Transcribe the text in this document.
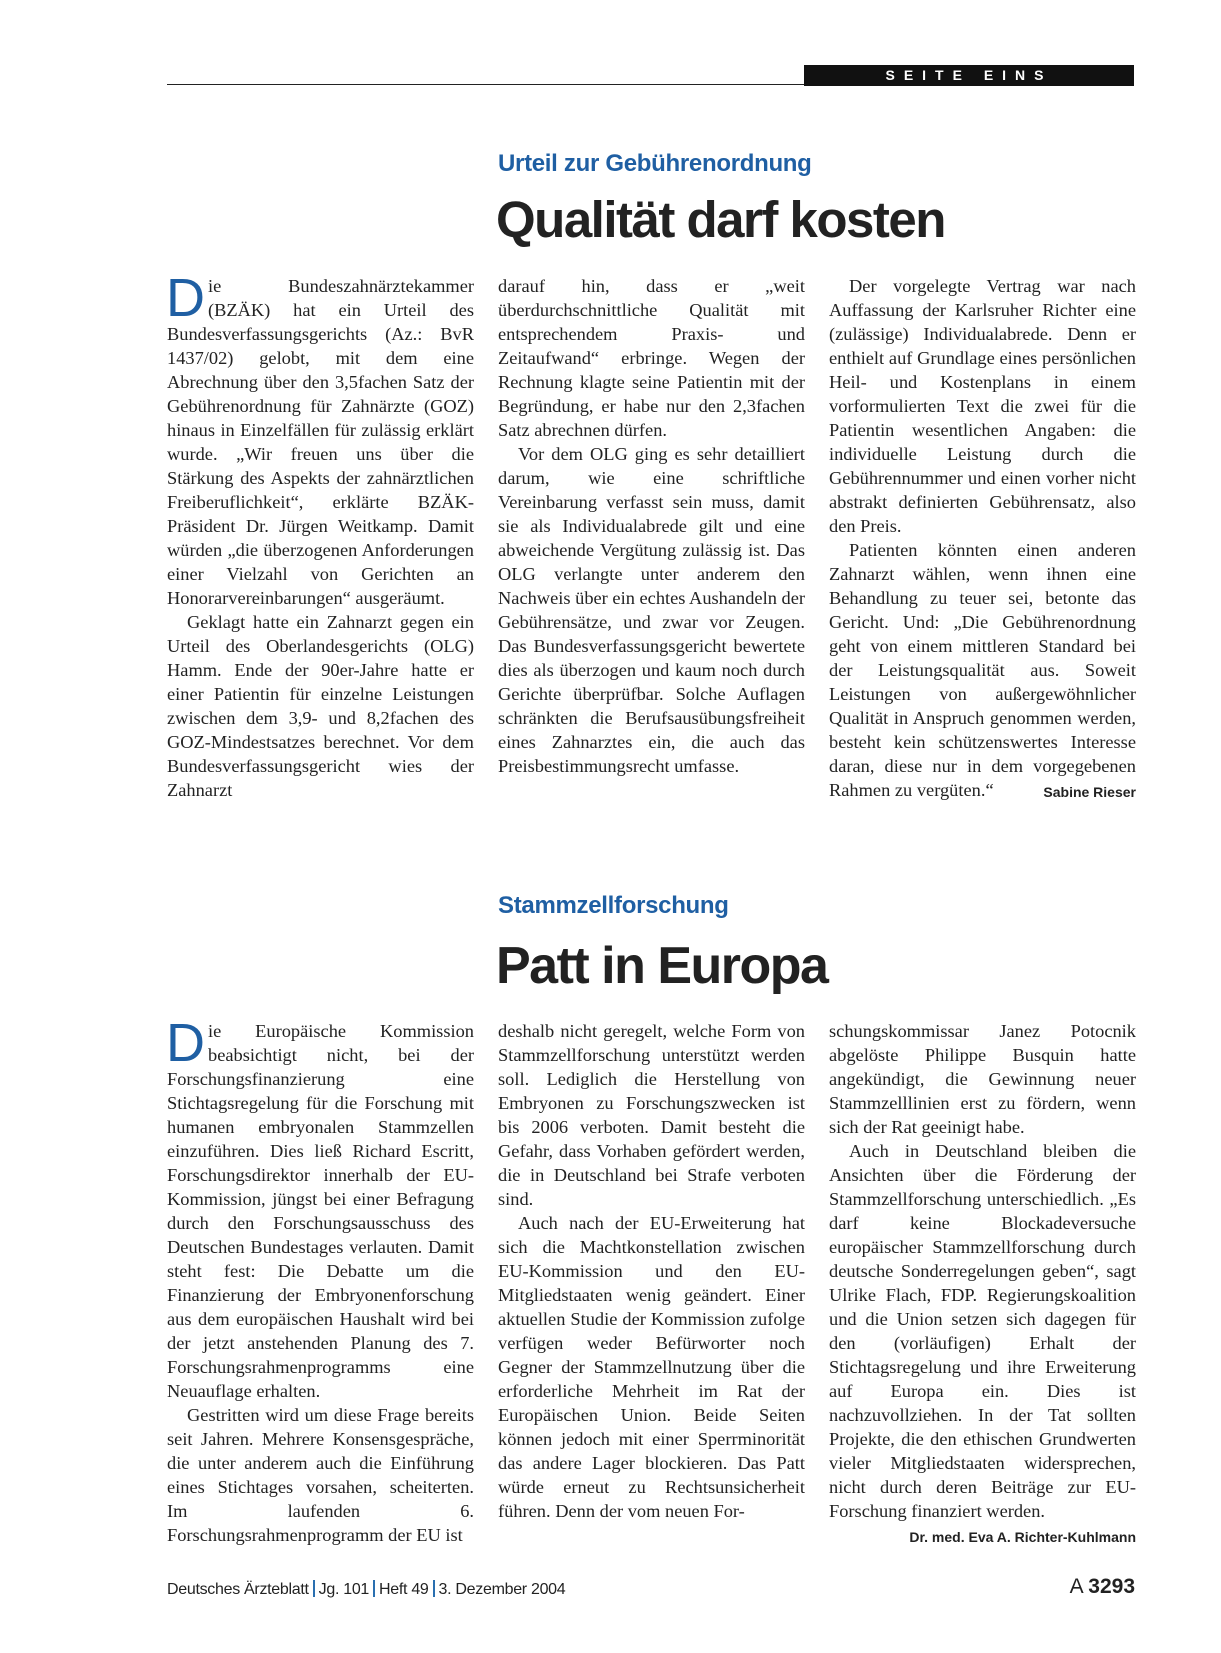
SEITE EINS
Urteil zur Gebührenordnung
Qualität darf kosten

Die Bundeszahnärztekammer (BZÄK) hat ein Urteil des Bundesverfassungsgerichts (Az.: BvR 1437/02) gelobt, mit dem eine Abrechnung über den 3,5fachen Satz der Gebührenordnung für Zahnärzte (GOZ) hinaus in Einzelfällen für zulässig erklärt wurde. „Wir freuen uns über die Stärkung des Aspekts der zahnärztlichen Freiberuflichkeit“, erklärte BZÄK-Präsident Dr. Jürgen Weitkamp. Damit würden „die überzogenen Anforderungen einer Vielzahl von Gerichten an Honorarvereinbarungen“ ausgeräumt.

Geklagt hatte ein Zahnarzt gegen ein Urteil des Oberlandesgerichts (OLG) Hamm. Ende der 90er-Jahre hatte er einer Patientin für einzelne Leistungen zwischen dem 3,9- und 8,2fachen des GOZ-Mindestsatzes berechnet. Vor dem Bundesverfassungsgericht wies der Zahnarzt

darauf hin, dass er „weit überdurchschnittliche Qualität mit entsprechendem Praxis- und Zeitaufwand“ erbringe. Wegen der Rechnung klagte seine Patientin mit der Begründung, er habe nur den 2,3fachen Satz abrechnen dürfen.

Vor dem OLG ging es sehr detailliert darum, wie eine schriftliche Vereinbarung verfasst sein muss, damit sie als Individualabrede gilt und eine abweichende Vergütung zulässig ist. Das OLG verlangte unter anderem den Nachweis über ein echtes Aushandeln der Gebührensätze, und zwar vor Zeugen. Das Bundesverfassungsgericht bewertete dies als überzogen und kaum noch durch Gerichte überprüfbar. Solche Auflagen schränkten die Berufsausübungsfreiheit eines Zahnarztes ein, die auch das Preisbestimmungsrecht umfasse.

Der vorgelegte Vertrag war nach Auffassung der Karlsruher Richter eine (zulässige) Individualabrede. Denn er enthielt auf Grundlage eines persönlichen Heil- und Kostenplans in einem vorformulierten Text die zwei für die Patientin wesentlichen Angaben: die individuelle Leistung durch die Gebührennummer und einen vorher nicht abstrakt definierten Gebührensatz, also den Preis.

Patienten könnten einen anderen Zahnarzt wählen, wenn ihnen eine Behandlung zu teuer sei, betonte das Gericht. Und: „Die Gebührenordnung geht von einem mittleren Standard bei der Leistungsqualität aus. Soweit Leistungen von außergewöhnlicher Qualität in Anspruch genommen werden, besteht kein schützenswertes Interesse daran, diese nur in dem vorgegebenen Rahmen zu vergüten.“	Sabine Rieser

Stammzellforschung
Patt in Europa

Die Europäische Kommission beabsichtigt nicht, bei der Forschungsfinanzierung eine Stichtagsregelung für die Forschung mit humanen embryonalen Stammzellen einzuführen. Dies ließ Richard Escritt, Forschungsdirektor innerhalb der EU-Kommission, jüngst bei einer Befragung durch den Forschungsausschuss des Deutschen Bundestages verlauten. Damit steht fest: Die Debatte um die Finanzierung der Embryonenforschung aus dem europäischen Haushalt wird bei der jetzt anstehenden Planung des 7. Forschungsrahmenprogramms eine Neuauflage erhalten.

Gestritten wird um diese Frage bereits seit Jahren. Mehrere Konsensgespräche, die unter anderem auch die Einführung eines Stichtages vorsahen, scheiterten. Im laufenden 6. Forschungsrahmenprogramm der EU ist

deshalb nicht geregelt, welche Form von Stammzellforschung unterstützt werden soll. Lediglich die Herstellung von Embryonen zu Forschungszwecken ist bis 2006 verboten. Damit besteht die Gefahr, dass Vorhaben gefördert werden, die in Deutschland bei Strafe verboten sind.

Auch nach der EU-Erweiterung hat sich die Machtkonstellation zwischen EU-Kommission und den EU-Mitgliedstaaten wenig geändert. Einer aktuellen Studie der Kommission zufolge verfügen weder Befürworter noch Gegner der Stammzellnutzung über die erforderliche Mehrheit im Rat der Europäischen Union. Beide Seiten können jedoch mit einer Sperrminorität das andere Lager blockieren. Das Patt würde erneut zu Rechtsunsicherheit führen. Denn der vom neuen For-

schungskommissar Janez Potocnik abgelöste Philippe Busquin hatte angekündigt, die Gewinnung neuer Stammzelllinien erst zu fördern, wenn sich der Rat geeinigt habe.

Auch in Deutschland bleiben die Ansichten über die Förderung der Stammzellforschung unterschiedlich. „Es darf keine Blockadeversuche europäischer Stammzellforschung durch deutsche Sonderregelungen geben“, sagt Ulrike Flach, FDP. Regierungskoalition und die Union setzen sich dagegen für den (vorläufigen) Erhalt der Stichtagsregelung und ihre Erweiterung auf Europa ein. Dies ist nachzuvollziehen. In der Tat sollten Projekte, die den ethischen Grundwerten vieler Mitgliedstaaten widersprechen, nicht durch deren Beiträge zur EU-Forschung finanziert werden.
Dr. med. Eva A. Richter-Kuhlmann

Deutsches Ärzteblatt Jg. 101 Heft 49 3. Dezember 2004	A 3293
